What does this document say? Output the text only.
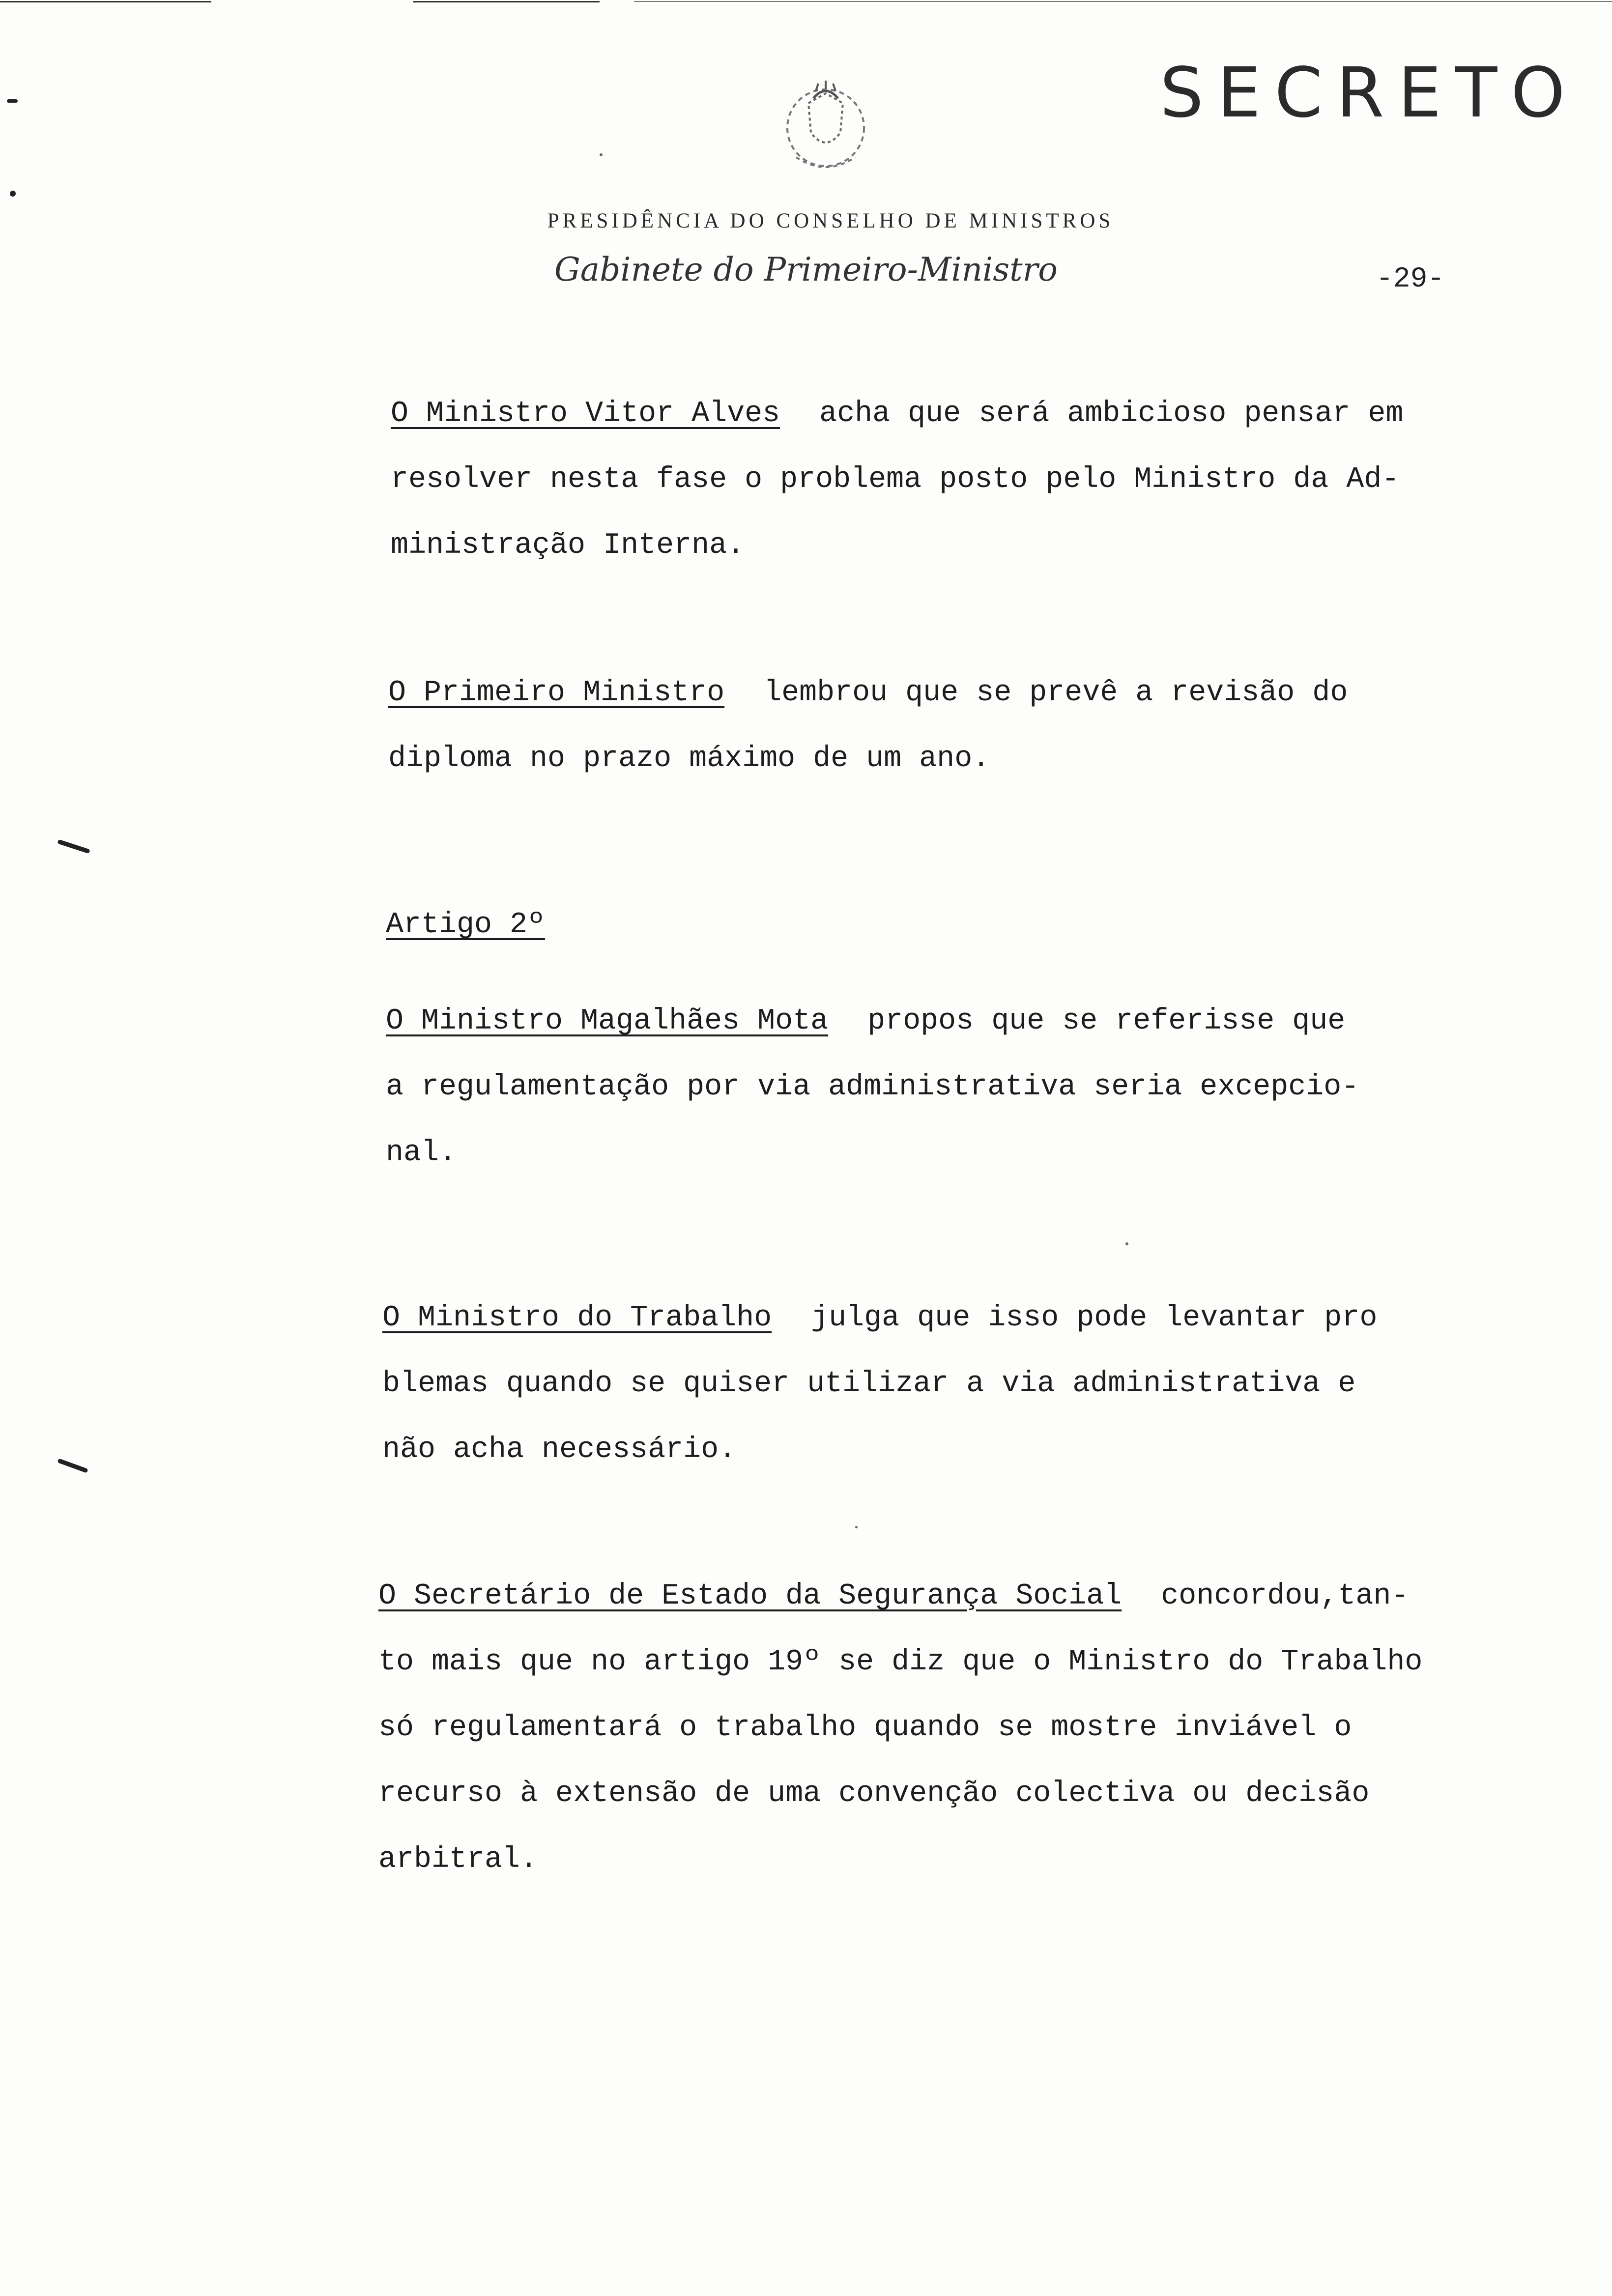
SECRETO
PRESIDÊNCIA DO CONSELHO DE MINISTROS
Gabinete do Primeiro-Ministro	-29-
O Ministro Vitor Alves acha que será ambicioso pensar em
resolver nesta fase o problema posto pelo Ministro da Ad-
ministração Interna.
O Primeiro Ministro lembrou que se prevê a revisão do
diploma no prazo máximo de um ano.
Artigo 2º
O Ministro Magalhães Mota propos que se referisse que
a regulamentação por via administrativa seria excepcio-
nal.
O Ministro do Trabalho julga que isso pode levantar pro
blemas quando se quiser utilizar a via administrativa e
não acha necessário.
O Secretário de Estado da Segurança Social concordou,tan-
to mais que no artigo 19º se diz que o Ministro do Trabalho
só regulamentará o trabalho quando se mostre inviável o
recurso à extensão de uma convenção colectiva ou decisão
arbitral.
